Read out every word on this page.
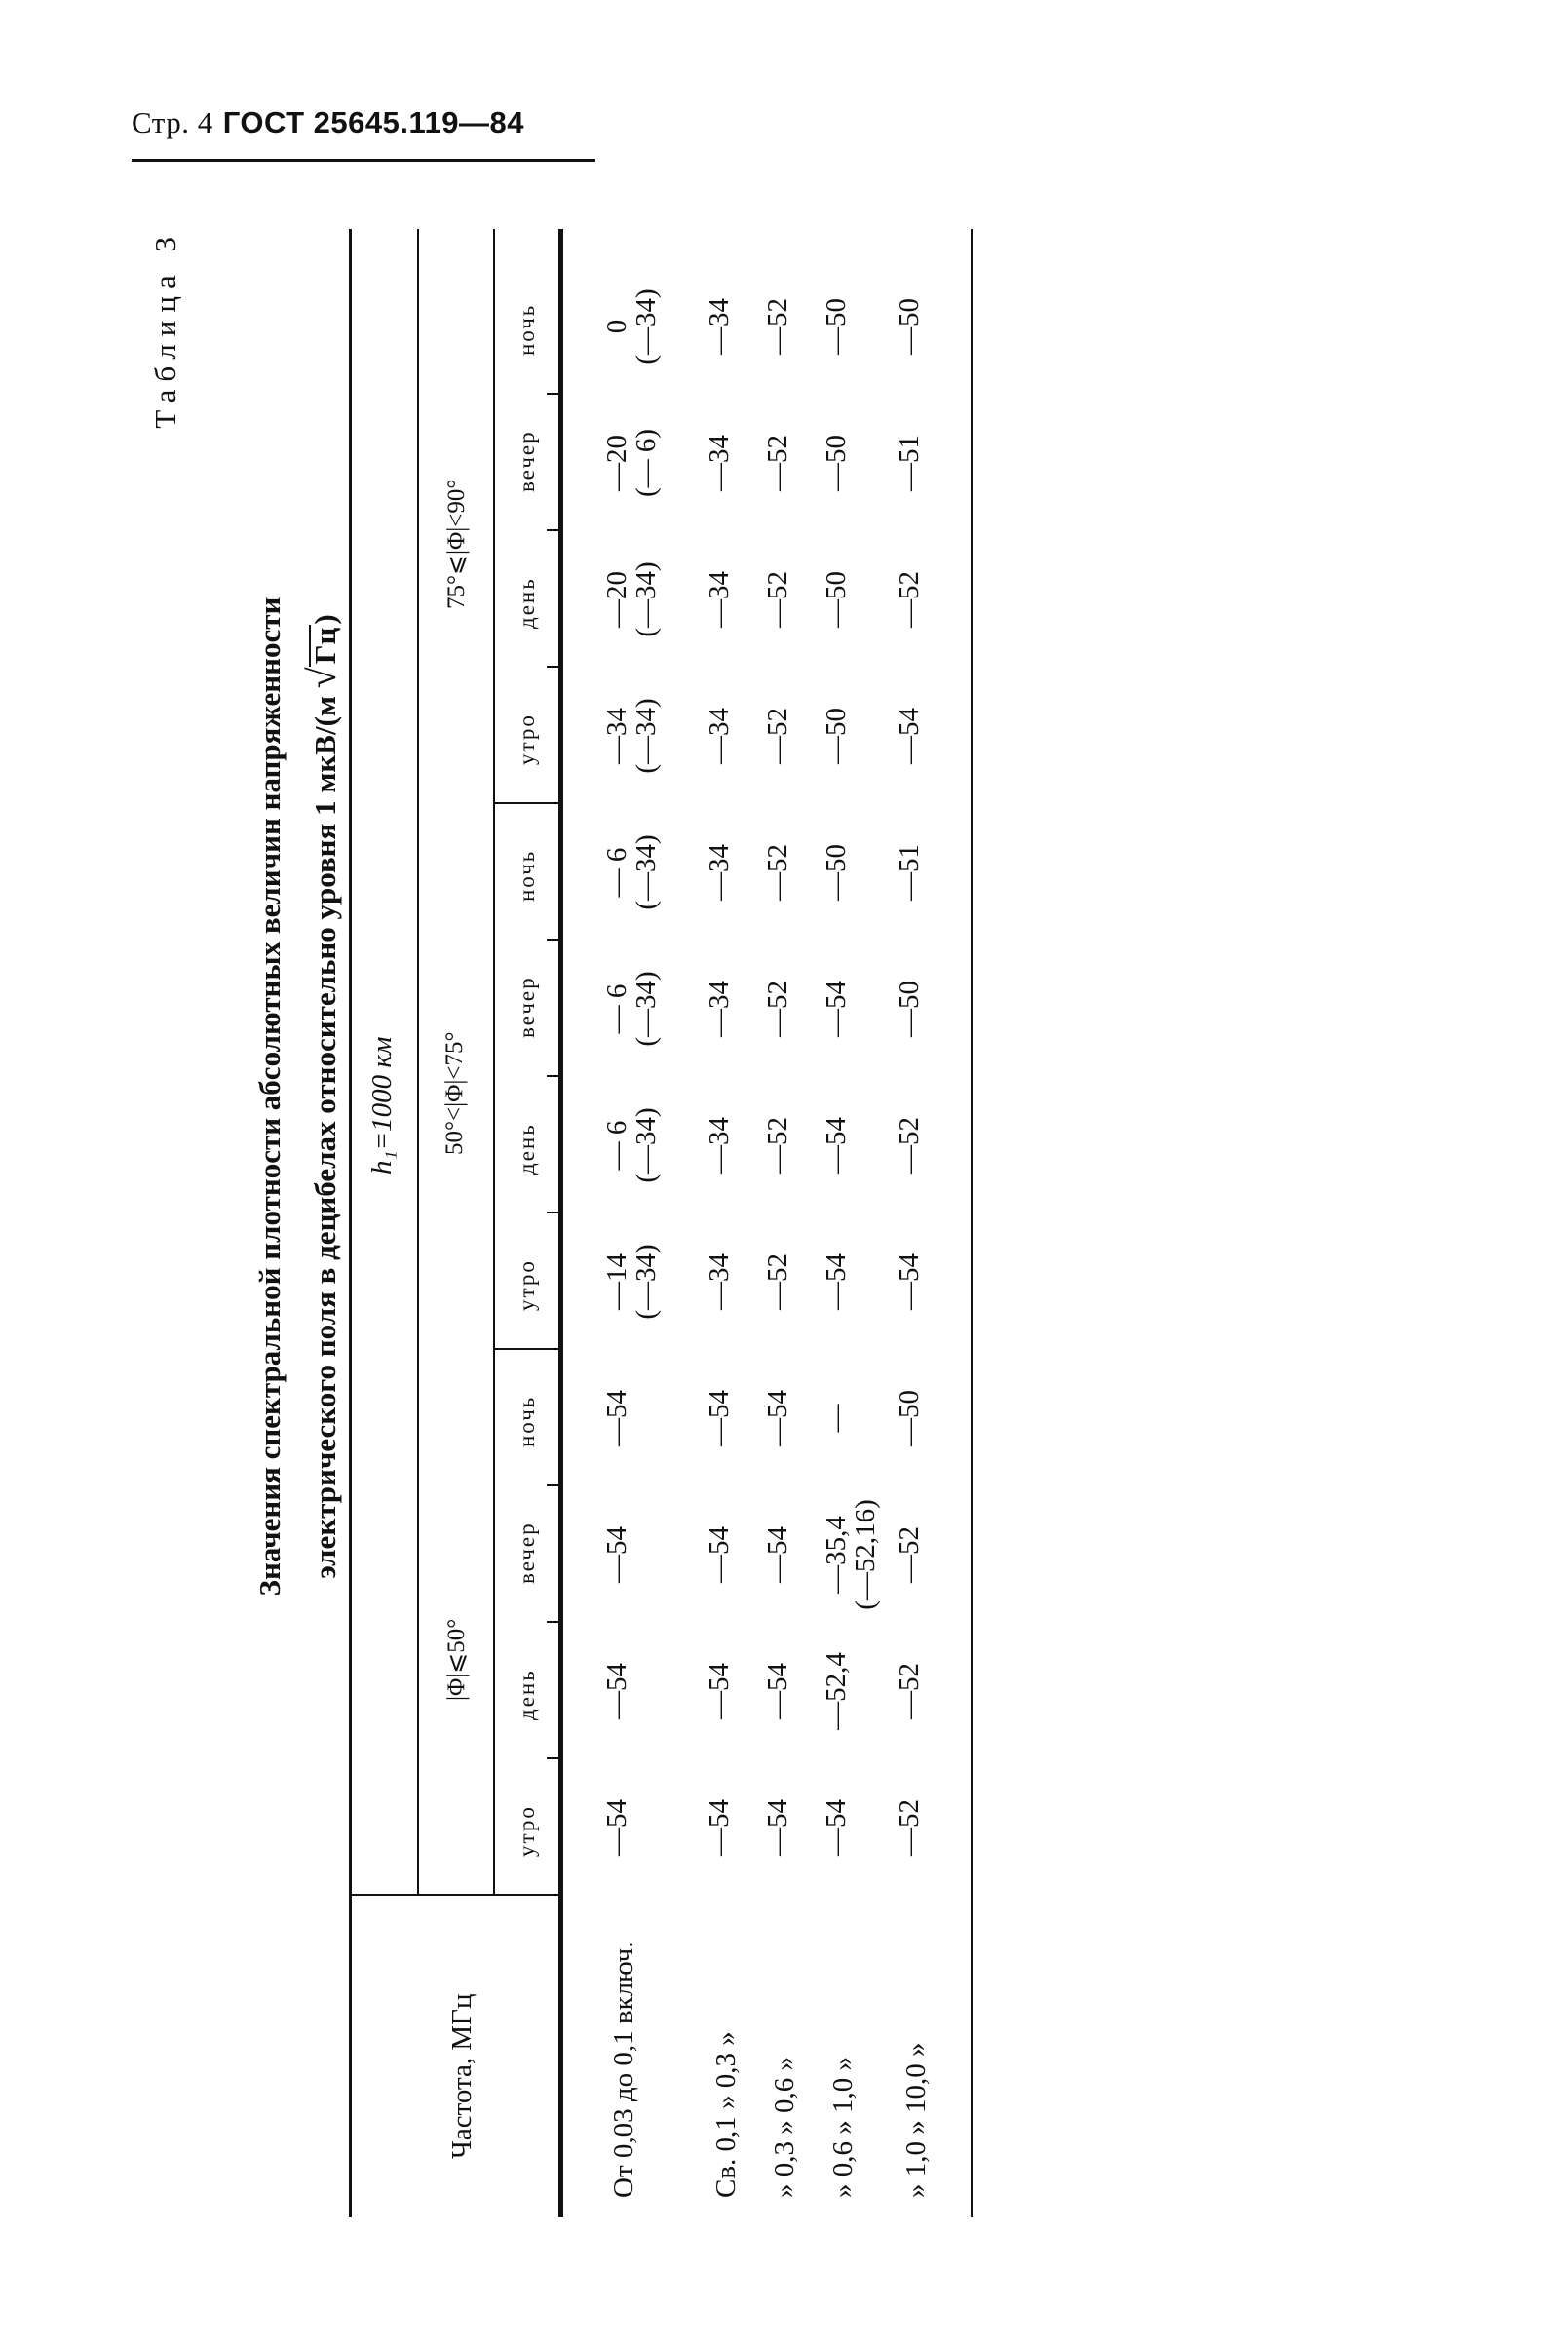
Стр. 4 ГОСТ 25645.119—84
Таблица 3
Значения спектральной плотности абсолютных величин напряженности электрического поля в децибелах относительно уровня 1 мкВ/(м √Гц)
Частота, МГц
h₁=1000 км
|Φ|⩽50°
50°<|Φ|<75°
75°⩽|Φ|<90°
утро
день
вечер
ночь
утро
день
вечер
ночь
утро
день
вечер
ночь
От 0,03 до 0,1 включ.
—54
—54
—54
—54
—14
(—34)
— 6
(—34)
— 6
(—34)
— 6
(—34)
—34
(—34)
—20
(—34)
—20
(— 6)
0
(—34)
Св. 0,1 » 0,3 »
—54
—54
—54
—54
—34
—34
—34
—34
—34
—34
—34
—34
» 0,3 » 0,6 »
—54
—54
—54
—54
—52
—52
—52
—52
—52
—52
—52
—52
» 0,6 » 1,0 »
—54
—52,4
—35,4
(—52,16)
—
—54
—54
—54
—50
—50
—50
—50
—50
» 1,0 » 10,0 »
—52
—52
—52
—50
—54
—52
—50
—51
—54
—52
—51
—50
